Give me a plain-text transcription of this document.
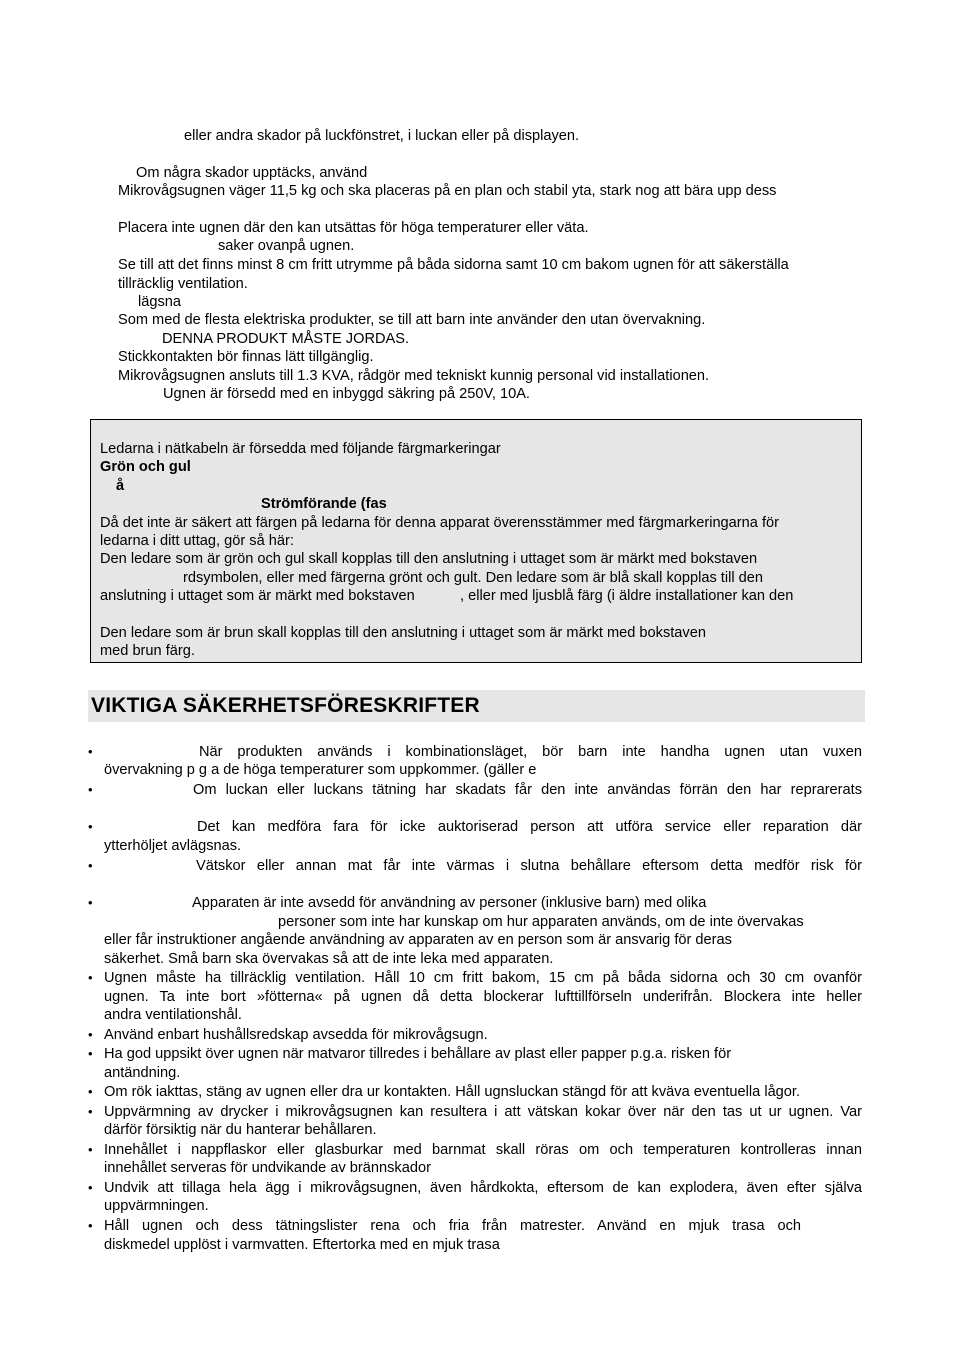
eller andra skador på luckfönstret, i luckan eller på displayen.
Om några skador upptäcks, använd
Mikrovågsugnen väger 11,5 kg och ska placeras på en plan och stabil yta, stark nog att bära upp dess
Placera inte ugnen där den kan utsättas för höga temperaturer eller väta.
saker ovanpå ugnen.
Se till att det finns minst 8 cm fritt utrymme på båda sidorna samt 10 cm bakom ugnen för att säkerställa
tillräcklig ventilation.
lägsna
Som med de flesta elektriska produkter, se till att barn inte använder den utan övervakning.
DENNA PRODUKT MÅSTE JORDAS.
Stickkontakten bör finnas lätt tillgänglig.
Mikrovågsugnen ansluts till 1.3 KVA, rådgör med tekniskt kunnig personal vid installationen.
Ugnen är försedd med en inbyggd säkring på 250V, 10A.
Ledarna i nätkabeln är försedda med följande färgmarkeringar
Grön och gul
å
Strömförande (fas
Då det inte är säkert att färgen på ledarna för denna apparat överensstämmer med färgmarkeringarna för
ledarna i ditt uttag, gör så här:
Den ledare som är grön och gul skall kopplas till den anslutning i uttaget som är märkt med bokstaven
rdsymbolen, eller med färgerna grönt och gult. Den ledare som är blå skall kopplas till den
anslutning i uttaget som är märkt med bokstaven	, eller med ljusblå färg (i äldre installationer kan den
Den ledare som är brun skall kopplas till den anslutning i uttaget som är märkt med bokstaven
med brun färg.
VIKTIGA SÄKERHETSFÖRESKRIFTER
•	När produkten används i kombinationsläget, bör barn inte handha ugnen utan vuxen
övervakning p g a de höga temperaturer som uppkommer. (gäller e
•	Om luckan eller luckans tätning har skadats får den inte användas förrän den har reprarerats
•	Det kan medföra fara för icke auktoriserad person att utföra service eller reparation där
ytterhöljet avlägsnas.
•	Vätskor eller annan mat får inte värmas i slutna behållare eftersom detta medför risk för
•	Apparaten är inte avsedd för användning av personer (inklusive barn) med olika
personer som inte har kunskap om hur apparaten används, om de inte övervakas
eller får instruktioner angående användning av apparaten av en person som är ansvarig för deras
säkerhet. Små barn ska övervakas så att de inte leka med apparaten.
• Ugnen måste ha tillräcklig ventilation. Håll 10 cm fritt bakom, 15 cm på båda sidorna och 30 cm ovanför
ugnen. Ta inte bort »fötterna« på ugnen då detta blockerar lufttillförseln underifrån. Blockera inte heller
andra ventilationshål.
• Använd enbart hushållsredskap avsedda för mikrovågsugn.
• Ha god uppsikt över ugnen när matvaror tillredes i behållare av plast eller papper p.g.a. risken för
antändning.
• Om rök iakttas, stäng av ugnen eller dra ur kontakten. Håll ugnsluckan stängd för att kväva eventuella lågor.
• Uppvärmning av drycker i mikrovågsugnen kan resultera i att vätskan kokar över när den tas ut ur ugnen. Var
därför försiktig när du hanterar behållaren.
• Innehållet i nappflaskor eller glasburkar med barnmat skall röras om och temperaturen kontrolleras innan
innehållet serveras för undvikande av brännskador
• Undvik att tillaga hela ägg i mikrovågsugnen, även hårdkokta, eftersom de kan explodera, även efter själva
uppvärmningen.
• Håll ugnen och dess tätningslister rena och fria från matrester. Använd en mjuk trasa och
diskmedel upplöst i varmvatten. Eftertorka med en mjuk trasa
